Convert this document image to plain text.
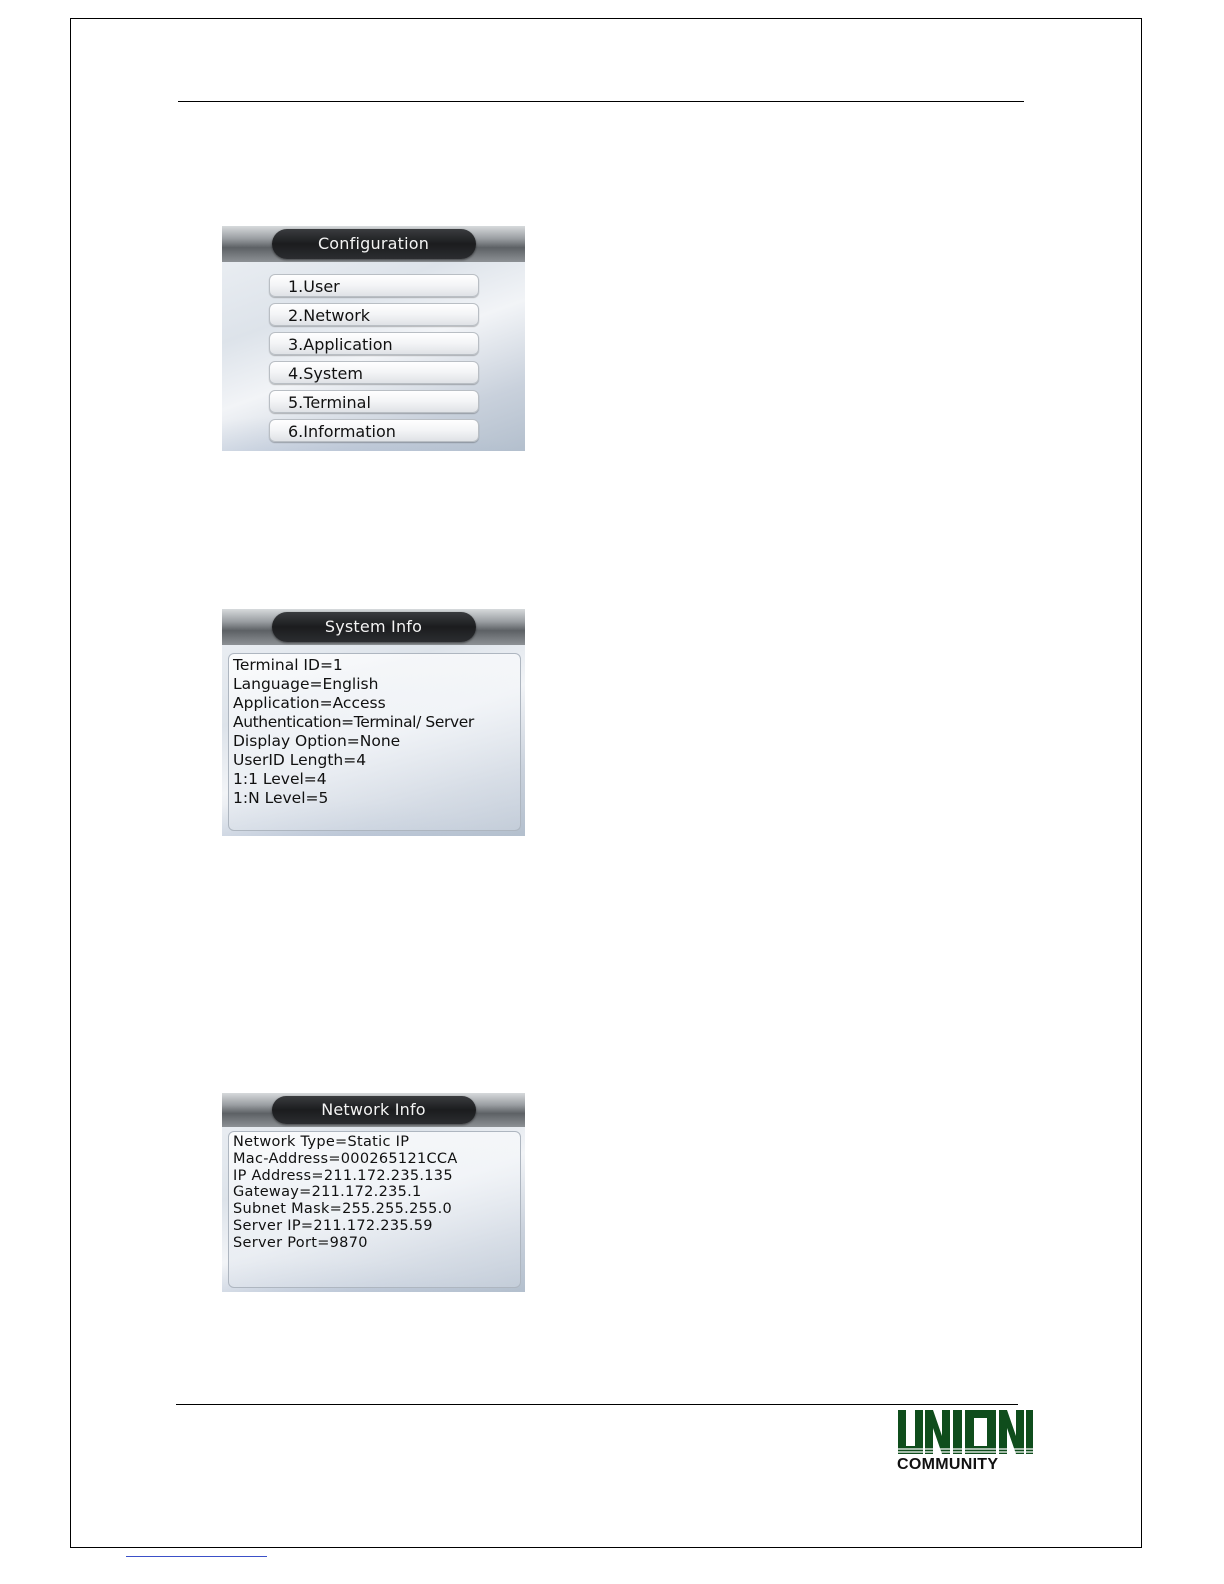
Configuration
1.User
2.Network
3.Application
4.System
5.Terminal
6.Information
System Info
Terminal ID=1
Language=English
Application=Access
Authentication=Terminal/ Server
Display Option=None
UserID Length=4
1:1 Level=4
1:N Level=5
Network Info
Network Type=Static IP
Mac-Address=000265121CCA
IP Address=211.172.235.135
Gateway=211.172.235.1
Subnet Mask=255.255.255.0
Server IP=211.172.235.59
Server Port=9870
COMMUNITY
